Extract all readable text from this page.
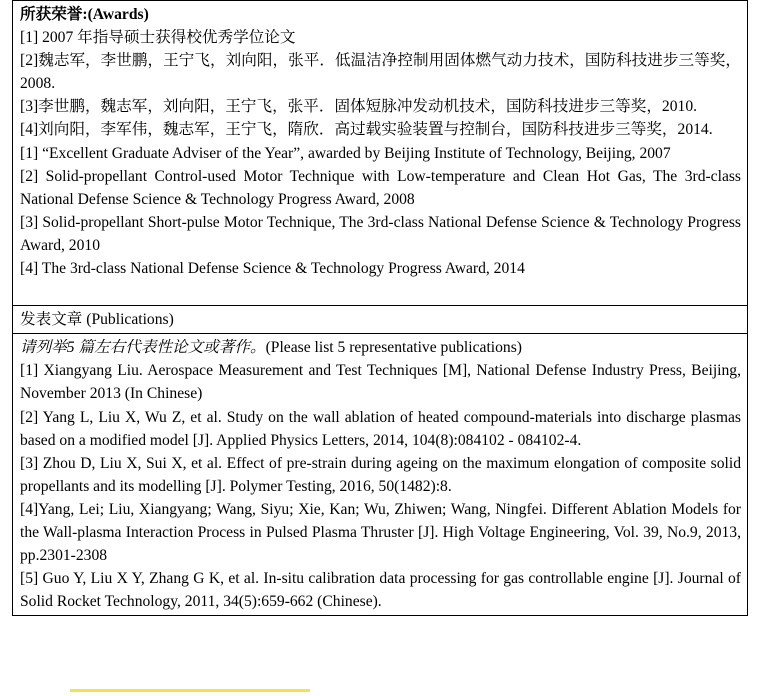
所获荣誉:(Awards)
[1] 2007 年指导硕士获得校优秀学位论文
[2]魏志军，李世鹏，王宁飞，刘向阳，张平．低温洁净控制用固体燃气动力技术，国防科技进步三等奖，2008.
[3]李世鹏，魏志军，刘向阳，王宁飞，张平．固体短脉冲发动机技术，国防科技进步三等奖，2010.
[4]刘向阳，李军伟，魏志军，王宁飞，隋欣．高过载实验装置与控制台，国防科技进步三等奖，2014.
[1] “Excellent Graduate Adviser of the Year”, awarded by Beijing Institute of Technology, Beijing, 2007
[2] Solid-propellant Control-used Motor Technique with Low-temperature and Clean Hot Gas, The 3rd-class National Defense Science & Technology Progress Award, 2008
[3] Solid-propellant Short-pulse Motor Technique, The 3rd-class National Defense Science & Technology Progress Award, 2010
[4] The 3rd-class National Defense Science & Technology Progress Award, 2014

发表文章 (Publications)

请列举5 篇左右代表性论文或著作。(Please list 5 representative publications)
[1] Xiangyang Liu. Aerospace Measurement and Test Techniques [M], National Defense Industry Press, Beijing, November 2013 (In Chinese)
[2] Yang L, Liu X, Wu Z, et al. Study on the wall ablation of heated compound-materials into discharge plasmas based on a modified model [J]. Applied Physics Letters, 2014, 104(8):084102 - 084102-4.
[3] Zhou D, Liu X, Sui X, et al. Effect of pre-strain during ageing on the maximum elongation of composite solid propellants and its modelling [J]. Polymer Testing, 2016, 50(1482):8.
[4]Yang, Lei; Liu, Xiangyang; Wang, Siyu; Xie, Kan; Wu, Zhiwen; Wang, Ningfei. Different Ablation Models for the Wall-plasma Interaction Process in Pulsed Plasma Thruster [J]. High Voltage Engineering, Vol. 39, No.9, 2013, pp.2301-2308
[5] Guo Y, Liu X Y, Zhang G K, et al. In-situ calibration data processing for gas controllable engine [J]. Journal of Solid Rocket Technology, 2011, 34(5):659-662 (Chinese).
